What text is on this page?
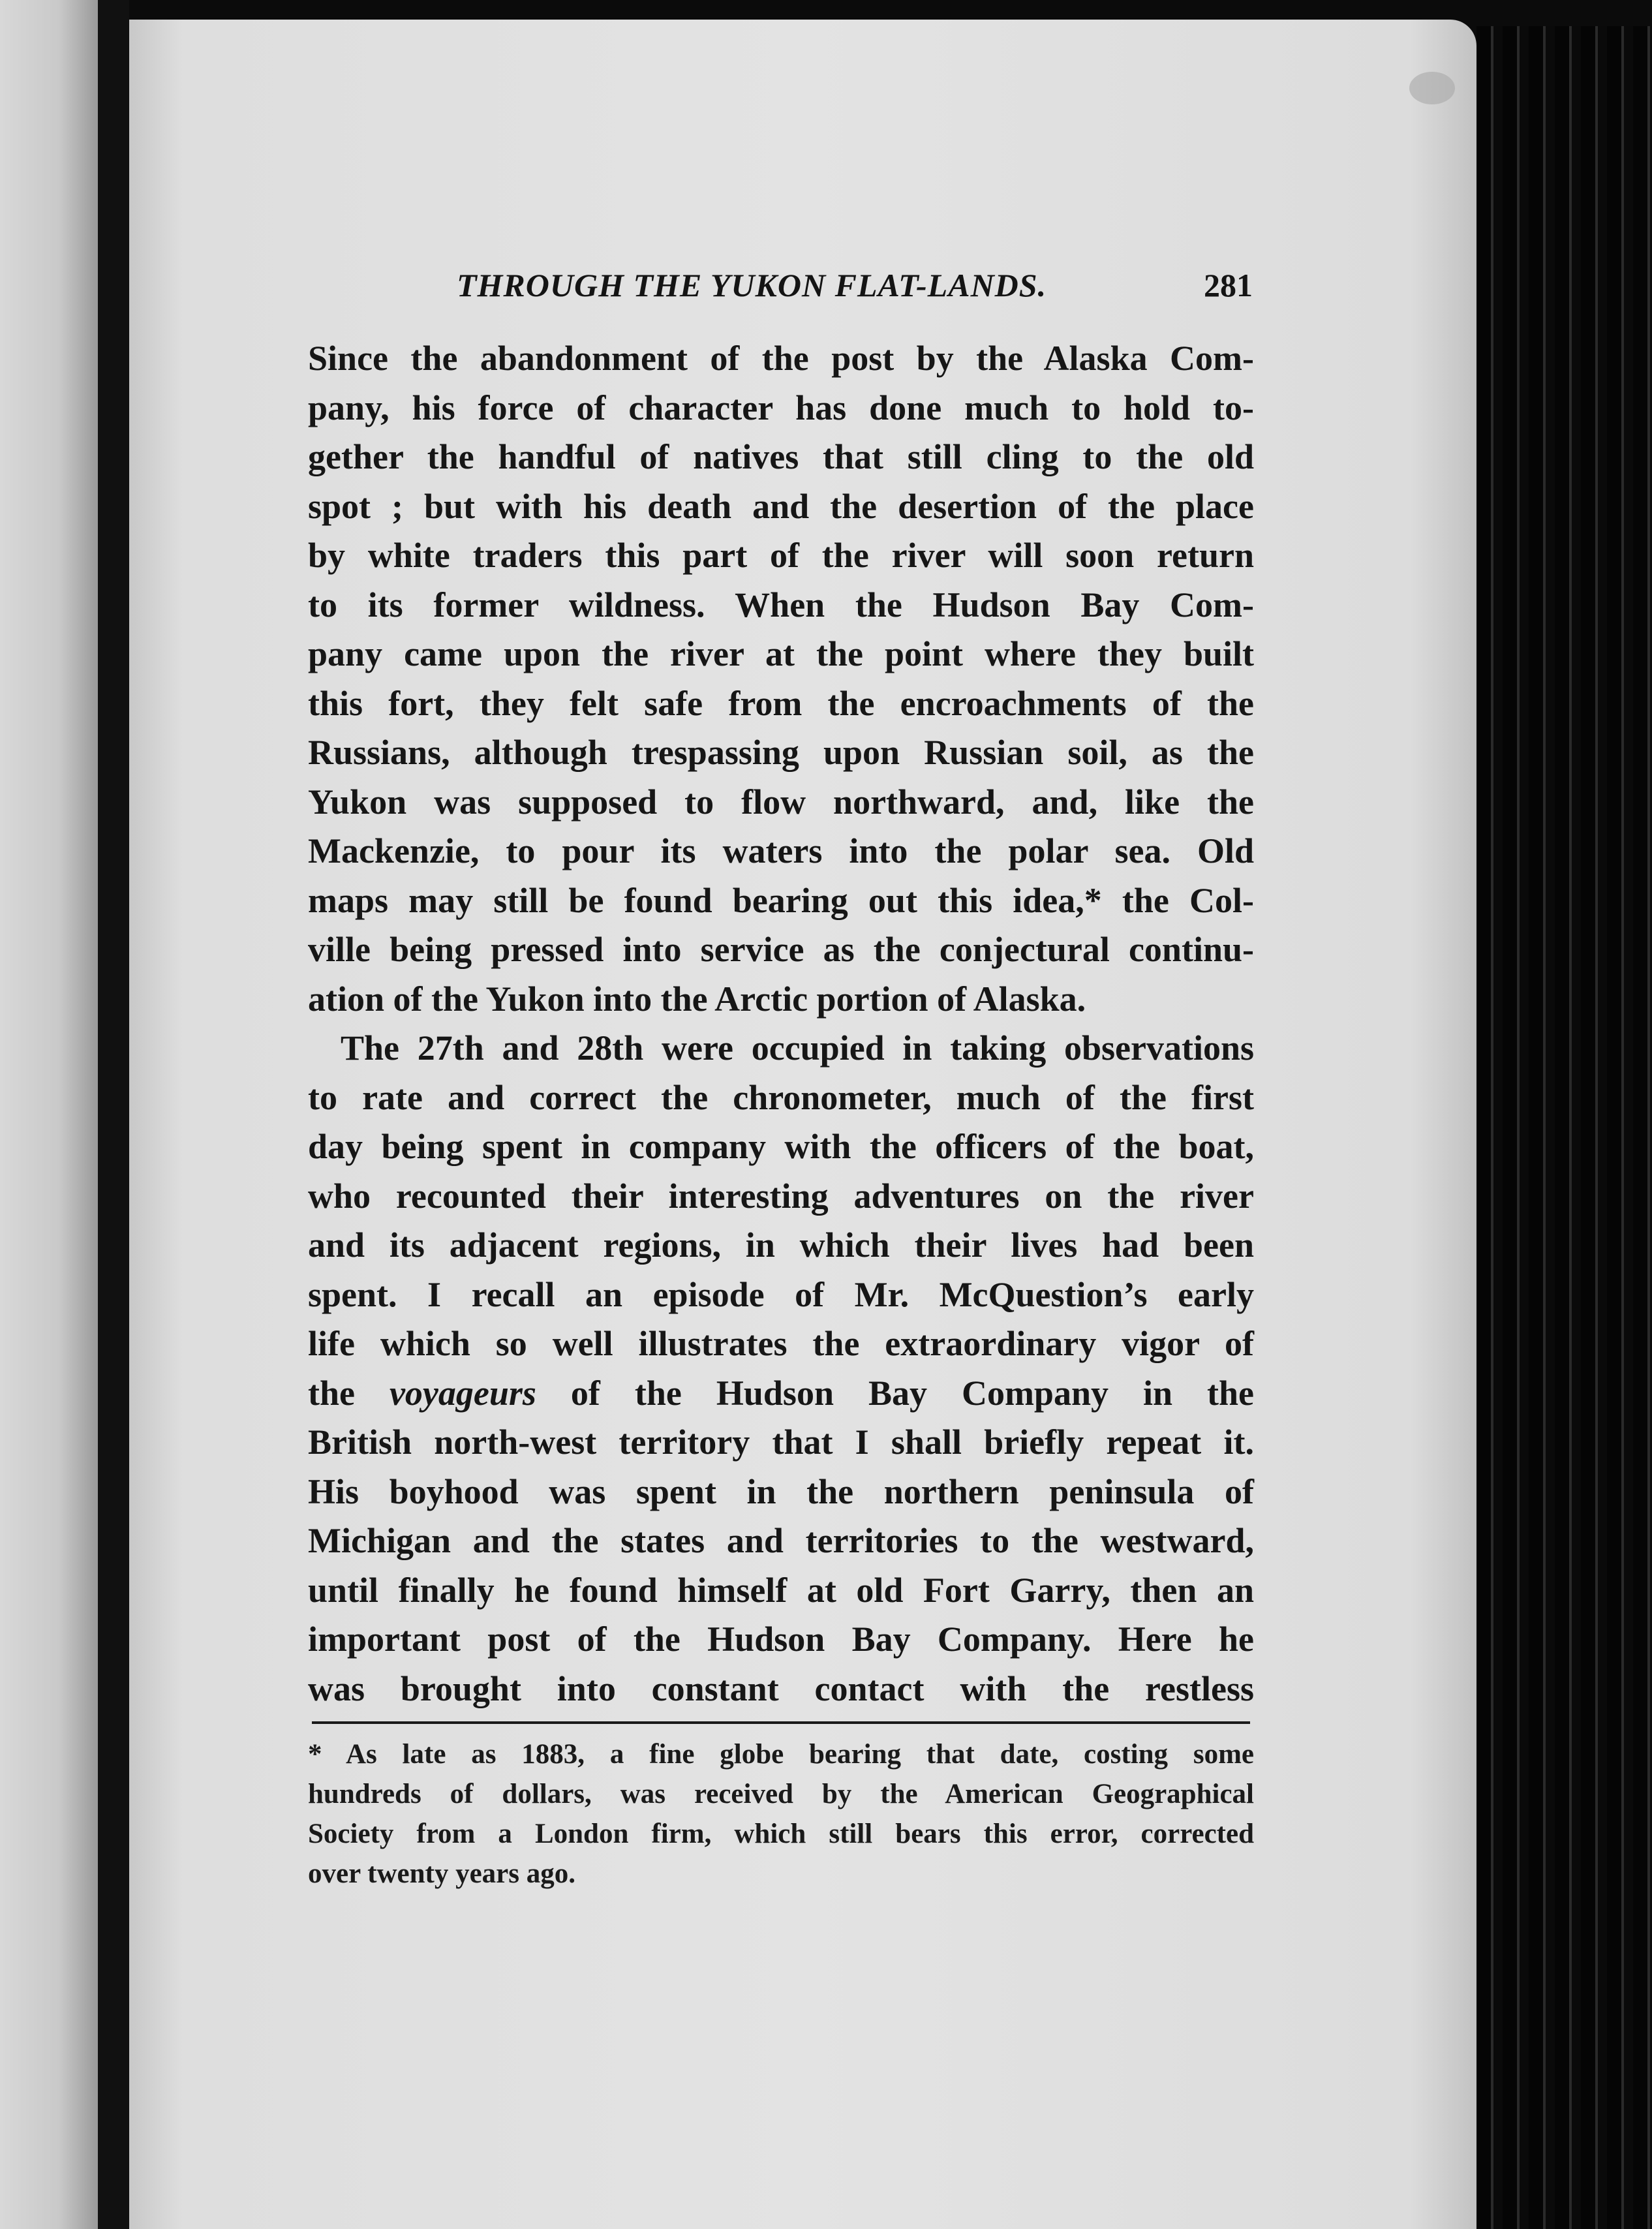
THROUGH THE YUKON FLAT-LANDS.	281
Since the abandonment of the post by the Alaska Com-
pany, his force of character has done much to hold to-
gether the handful of natives that still cling to the old
spot ; but with his death and the desertion of the place
by white traders this part of the river will soon return
to its former wildness. When the Hudson Bay Com-
pany came upon the river at the point where they built
this fort, they felt safe from the encroachments of the
Russians, although trespassing upon Russian soil, as the
Yukon was supposed to flow northward, and, like the
Mackenzie, to pour its waters into the polar sea. Old
maps may still be found bearing out this idea,* the Col-
ville being pressed into service as the conjectural continu-
ation of the Yukon into the Arctic portion of Alaska.
The 27th and 28th were occupied in taking observations
to rate and correct the chronometer, much of the first
day being spent in company with the officers of the boat,
who recounted their interesting adventures on the river
and its adjacent regions, in which their lives had been
spent. I recall an episode of Mr. McQuestion’s early
life which so well illustrates the extraordinary vigor of
the voyageurs of the Hudson Bay Company in the
British north-west territory that I shall briefly repeat it.
His boyhood was spent in the northern peninsula of
Michigan and the states and territories to the westward,
until finally he found himself at old Fort Garry, then an
important post of the Hudson Bay Company. Here he
was brought into constant contact with the restless
* As late as 1883, a fine globe bearing that date, costing some
hundreds of dollars, was received by the American Geographical
Society from a London firm, which still bears this error, corrected
over twenty years ago.
